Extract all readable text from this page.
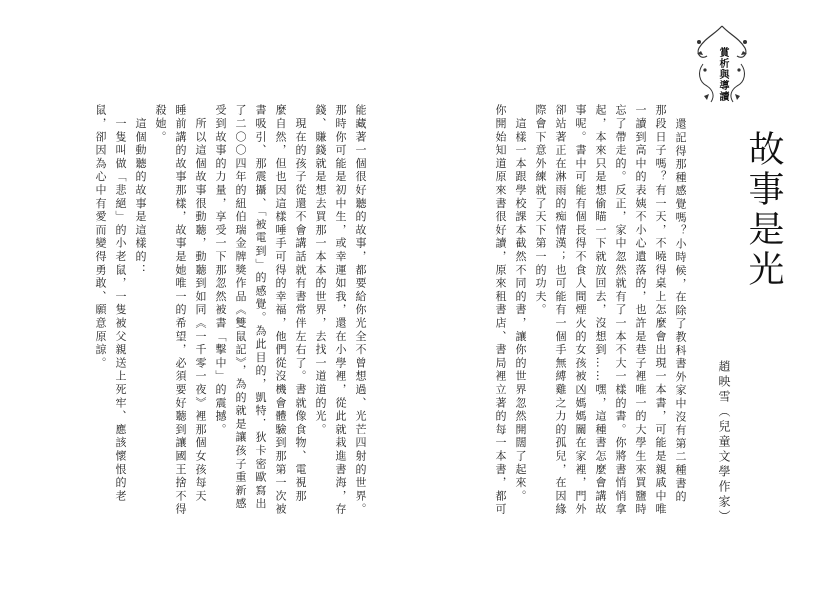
故事是光
賞析與導讀
趙映雪（兒童文學作家）
還記得那種感覺嗎？小時候，在除了教科書外家中沒有第二種書的
那段日子嗎？有一天，不曉得桌上怎麼會出現一本書，可能是親戚中唯
一讀到高中的表姨不小心遺落的，也許是巷子裡唯一的大學生來買鹽時
忘了帶走的。反正，家中忽然就有了一本不大一樣的書。你將書悄悄拿
起，本來只是想偷瞄一下就放回去，沒想到……嘿，這種書怎麼會講故
事呢。書中可能有個長得不食人間煙火的女孩被凶媽媽關在家裡，門外
卻站著正在淋雨的痴情漢；也可能有一個手無縛雞之力的孤兒，在因緣
際會下意外練就了天下第一的功夫。
　這樣一本跟學校課本截然不同的書，讓你的世界忽然開闊了起來。
你開始知道原來書很好讀，原來租書店、書局裡立著的每一本書，都可
能藏著一個很好聽的故事，都要給你光全不曾想過、光芒四射的世界。
那時你可能是初中生，或幸運如我，還在小學裡，從此就栽進書海，存
錢、賺錢就是想去買那一本本的世界，去找一道道的光。
　現在的孩子從還不會講話就有書常伴左右了。書就像食物、電視那
麼自然，但也因這樣唾手可得的幸福，他們從沒機會體驗到那第一次被
書吸引、那震攝、「被電到」的感覺。為此目的，凱特．狄卡密歐寫出
了二〇〇四年的紐伯瑞金牌獎作品《雙鼠記》，為的就是讓孩子重新感
受到故事的力量，享受一下那忽然被書「擊中」的震撼。
　所以這個故事很動聽，動聽到如同《一千零一夜》裡那個女孩每天
睡前講的故事那樣，故事是她唯一的希望，必須要好聽到讓國王捨不得
殺她。
　這個動聽的故事是這樣的：
　一隻叫做「悲絕」的小老鼠，一隻被父親送上死牢、應該懷恨的老
鼠，卻因為心中有愛而變得勇敢、願意原諒。
